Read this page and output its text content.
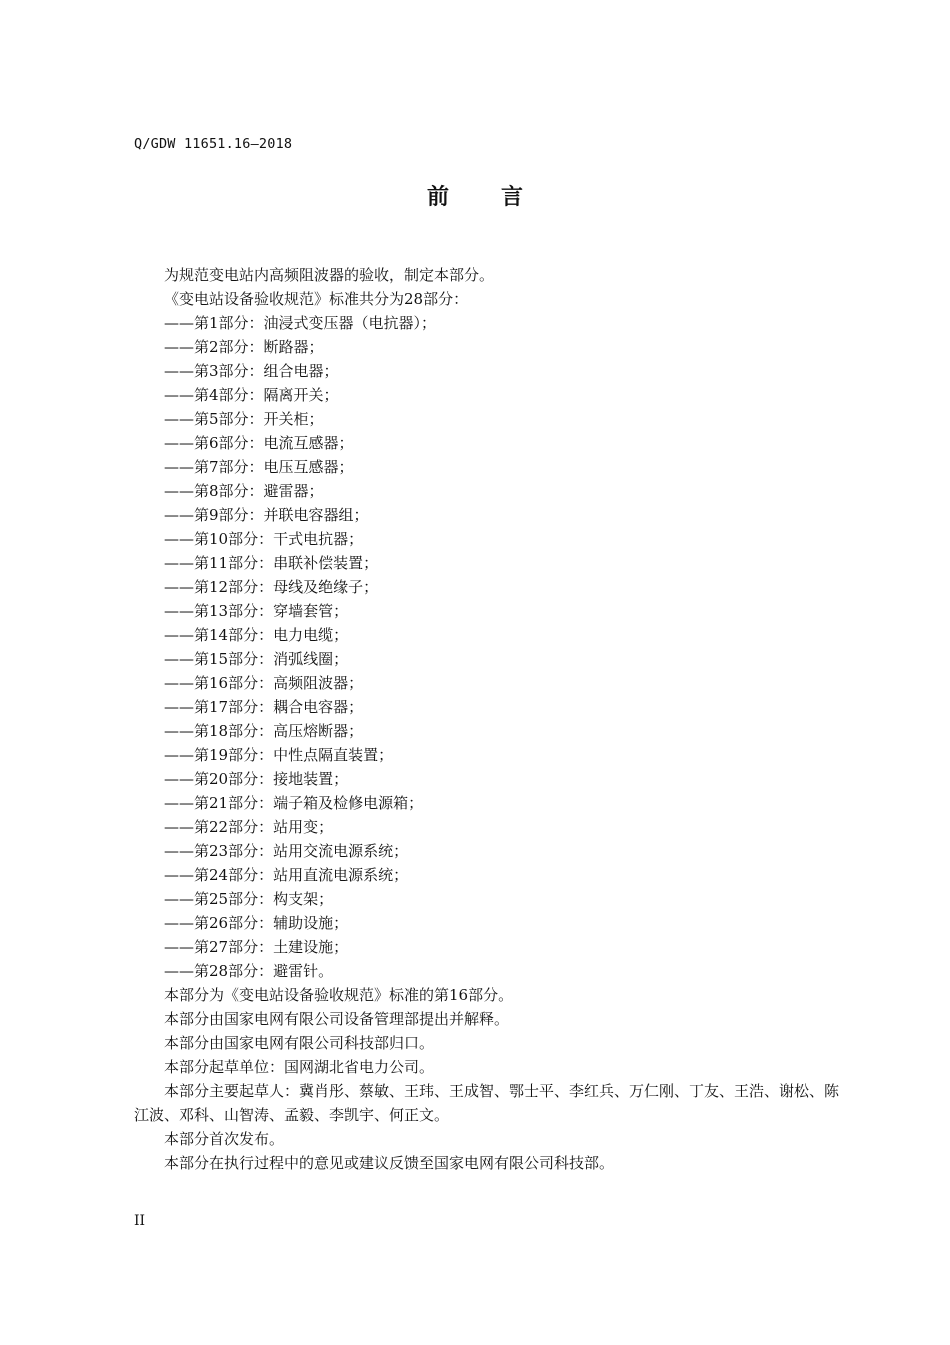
Q/GDW 11651.16—2018
前 言

为规范变电站内高频阻波器的验收，制定本部分。

《变电站设备验收规范》标准共分为28部分：

——第1部分：油浸式变压器（电抗器）；

——第2部分：断路器；

——第3部分：组合电器；

——第4部分：隔离开关；

——第5部分：开关柜；

——第6部分：电流互感器；

——第7部分：电压互感器；

——第8部分：避雷器；

——第9部分：并联电容器组；

——第10部分：干式电抗器；

——第11部分：串联补偿装置；

——第12部分：母线及绝缘子；

——第13部分：穿墙套管；

——第14部分：电力电缆；

——第15部分：消弧线圈；

——第16部分：高频阻波器；

——第17部分：耦合电容器；

——第18部分：高压熔断器；

——第19部分：中性点隔直装置；

——第20部分：接地装置；

——第21部分：端子箱及检修电源箱；

——第22部分：站用变；

——第23部分：站用交流电源系统；

——第24部分：站用直流电源系统；

——第25部分：构支架；

——第26部分：辅助设施；

——第27部分：土建设施；

——第28部分：避雷针。

本部分为《变电站设备验收规范》标准的第16部分。

本部分由国家电网有限公司设备管理部提出并解释。

本部分由国家电网有限公司科技部归口。

本部分起草单位：国网湖北省电力公司。

本部分主要起草人：冀肖彤、蔡敏、王玮、王成智、鄂士平、李红兵、万仁刚、丁友、王浩、谢松、陈江波、邓科、山智涛、孟毅、李凯宇、何正文。

本部分首次发布。

本部分在执行过程中的意见或建议反馈至国家电网有限公司科技部。

II
